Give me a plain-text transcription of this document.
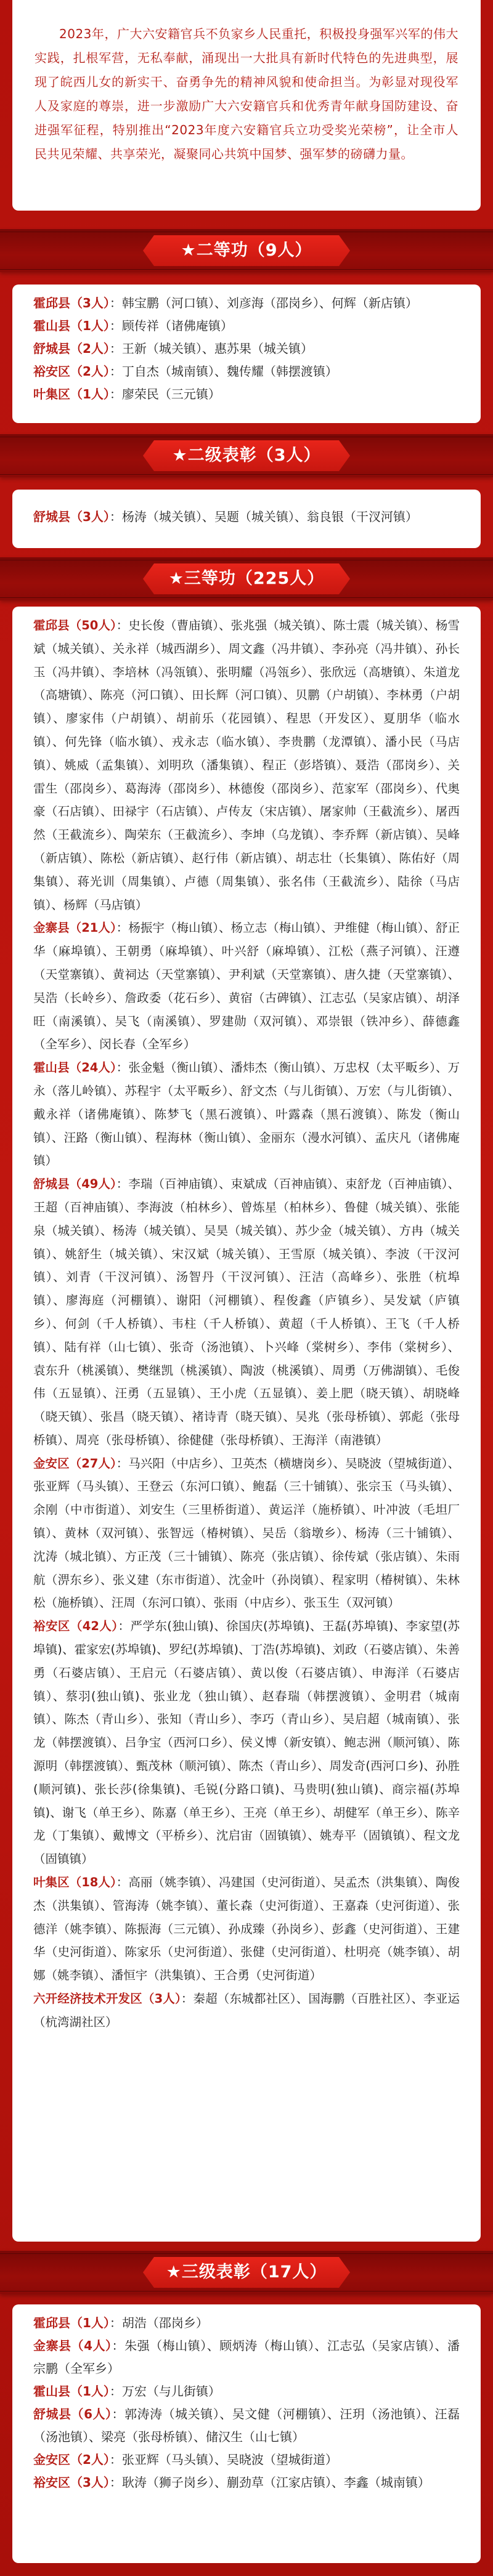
2023年，广大六安籍官兵不负家乡人民重托，积极投身强军兴军的伟大实践，扎根军营，无私奉献，涌现出一大批具有新时代特色的先进典型，展现了皖西儿女的新实干、奋勇争先的精神风貌和使命担当。为彰显对现役军人及家庭的尊崇，进一步激励广大六安籍官兵和优秀青年献身国防建设、奋进强军征程，特别推出“2023年度六安籍官兵立功受奖光荣榜”，让全市人民共见荣耀、共享荣光，凝聚同心共筑中国梦、强军梦的磅礴力量。

★二等功（9人）

霍邱县（3人）：韩宝鹏（河口镇）、刘彦海（邵岗乡）、何辉（新店镇）

霍山县（1人）：顾传祥（诸佛庵镇）

舒城县（2人）：王新（城关镇）、惠苏果（城关镇）

裕安区（2人）：丁自杰（城南镇）、魏传耀（韩摆渡镇）

叶集区（1人）：廖荣民（三元镇）

★二级表彰（3人）

舒城县（3人）：杨涛（城关镇）、吴题（城关镇）、翁良银（干汊河镇）

★三等功（225人）

霍邱县（50人）：史长俊（曹庙镇）、张兆强（城关镇）、陈士震（城关镇）、杨雪斌（城关镇）、关永祥（城西湖乡）、周文鑫（冯井镇）、李孙亮（冯井镇）、孙长玉（冯井镇）、李培林（冯瓴镇）、张明耀（冯瓴乡）、张欣远（高塘镇）、朱道龙（高塘镇）、陈亮（河口镇）、田长辉（河口镇）、贝鹏（户胡镇）、李林勇（户胡镇）、廖家伟（户胡镇）、胡前乐（花园镇）、程思（开发区）、夏朋华（临水镇）、何先锋（临水镇）、戎永志（临水镇）、李贵鹏（龙潭镇）、潘小民（马店镇）、姚威（孟集镇）、刘明玖（潘集镇）、程正（彭塔镇）、聂浩（邵岗乡）、关雷生（邵岗乡）、葛海涛（邵岗乡）、林德俊（邵岗乡）、范家军（邵岗乡）、代奥豪（石店镇）、田禄宇（石店镇）、卢传友（宋店镇）、屠家帅（王截流乡）、屠西然（王截流乡）、陶荣东（王截流乡）、李坤（乌龙镇）、李乔辉（新店镇）、吴峰（新店镇）、陈松（新店镇）、赵行伟（新店镇）、胡志壮（长集镇）、陈佑好（周集镇）、蒋光训（周集镇）、卢德（周集镇）、张名伟（王截流乡）、陆徐（马店镇）、杨辉（马店镇）

金寨县（21人）：杨振宇（梅山镇）、杨立志（梅山镇）、尹维健（梅山镇）、舒正华（麻埠镇）、王朝勇（麻埠镇）、叶兴舒（麻埠镇）、江松（燕子河镇）、汪遵（天堂寨镇）、黄祠达（天堂寨镇）、尹利斌（天堂寨镇）、唐久捷（天堂寨镇）、吴浩（长岭乡）、詹政委（花石乡）、黄宿（古碑镇）、江志弘（吴家店镇）、胡泽旺（南溪镇）、吴飞（南溪镇）、罗建勋（双河镇）、邓崇银（铁冲乡）、薛德鑫（全军乡）、闵长春（全军乡）

霍山县（24人）：张金魁（衡山镇）、潘炜杰（衡山镇）、万忠权（太平畈乡）、万永（落儿岭镇）、苏程宇（太平畈乡）、舒文杰（与儿街镇）、万宏（与儿街镇）、戴永祥（诸佛庵镇）、陈梦飞（黑石渡镇）、叶露森（黑石渡镇）、陈发（衡山镇）、汪路（衡山镇）、程海林（衡山镇）、金丽东（漫水河镇）、孟庆凡（诸佛庵镇）

舒城县（49人）：李瑞（百神庙镇）、束斌成（百神庙镇）、束舒龙（百神庙镇）、王超（百神庙镇）、李海波（柏林乡）、曾炼星（柏林乡）、鲁健（城关镇）、张能泉（城关镇）、杨涛（城关镇）、吴昊（城关镇）、苏少金（城关镇）、方冉（城关镇）、姚舒生（城关镇）、宋汉斌（城关镇）、王雪原（城关镇）、李波（干汊河镇）、刘青（干汊河镇）、汤智丹（干汊河镇）、汪洁（高峰乡）、张胜（杭埠镇）、廖海庭（河棚镇）、谢阳（河棚镇）、程俊鑫（庐镇乡）、吴发斌（庐镇乡）、何剑（千人桥镇）、韦柱（千人桥镇）、黄超（千人桥镇）、王飞（千人桥镇）、陆有祥（山七镇）、张奇（汤池镇）、卜兴峰（棠树乡）、李伟（棠树乡）、袁东升（桃溪镇）、樊继凯（桃溪镇）、陶波（桃溪镇）、周勇（万佛湖镇）、毛俊伟（五显镇）、汪勇（五显镇）、王小虎（五显镇）、姜上肥（晓天镇）、胡晓峰（晓天镇）、张昌（晓天镇）、褚诗青（晓天镇）、吴兆（张母桥镇）、郭彪（张母桥镇）、周亮（张母桥镇）、徐健健（张母桥镇）、王海洋（南港镇）

金安区（27人）：马兴阳（中店乡）、卫英杰（横塘岗乡）、吴晓波（望城街道）、张亚辉（马头镇）、王登云（东河口镇）、鲍磊（三十铺镇）、张宗玉（马头镇）、余刚（中市街道）、刘安生（三里桥街道）、黄运洋（施桥镇）、叶冲波（毛坦厂镇）、黄林（双河镇）、张智远（椿树镇）、吴岳（翁墩乡）、杨涛（三十铺镇）、沈涛（城北镇）、方正茂（三十铺镇）、陈亮（张店镇）、徐传斌（张店镇）、朱雨航（淠东乡）、张义建（东市街道）、沈金叶（孙岗镇）、程家明（椿树镇）、朱林松（施桥镇）、汪周（东河口镇）、张雨（中店乡）、张玉生（双河镇）

裕安区（42人）：严学东(独山镇)、徐国庆(苏埠镇)、王磊(苏埠镇)、李家望(苏埠镇)、霍家宏(苏埠镇)、罗纪(苏埠镇)、丁浩(苏埠镇)、刘政（石婆店镇）、朱善勇（石婆店镇）、王启元（石婆店镇）、黄以俊（石婆店镇）、申海洋（石婆店镇）、蔡羽(独山镇)、张业龙（独山镇）、赵春瑞（韩摆渡镇）、金明君（城南镇）、陈杰（青山乡）、张知（青山乡）、李巧（青山乡）、吴启超（城南镇）、张龙（韩摆渡镇）、吕争宝（西河口乡）、侯义博（新安镇）、鲍志洲（顺河镇）、陈源明（韩摆渡镇）、甄茂林（顺河镇）、陈杰（青山乡）、周发奇(西河口乡)、孙胜(顺河镇)、张长莎(徐集镇)、毛锐(分路口镇)、马贵明(独山镇)、商宗福(苏埠镇)、谢飞（单王乡）、陈嘉（单王乡）、王亮（单王乡）、胡健军（单王乡）、陈辛龙（丁集镇）、戴博文（平桥乡）、沈启宙（固镇镇）、姚寿平（固镇镇）、程文龙（固镇镇）

叶集区（18人）：高丽（姚李镇）、冯建国（史河街道）、吴孟杰（洪集镇）、陶俊杰（洪集镇）、管海涛（姚李镇）、董长森（史河街道）、王嘉森（史河街道）、张德洋（姚李镇）、陈振海（三元镇）、孙成臻（孙岗乡）、彭鑫（史河街道）、王建华（史河街道）、陈家乐（史河街道）、张健（史河街道）、杜明亮（姚李镇）、胡娜（姚李镇）、潘恒宇（洪集镇）、王合勇（史河街道）

六开经济技术开发区（3人）：秦超（东城都社区）、国海鹏（百胜社区）、李亚运（杭湾湖社区）

★三级表彰（17人）

霍邱县（1人）：胡浩（邵岗乡）

金寨县（4人）：朱强（梅山镇）、顾炳涛（梅山镇）、江志弘（吴家店镇）、潘宗鹏（全军乡）

霍山县（1人）：万宏（与儿街镇）

舒城县（6人）：郭涛涛（城关镇）、吴文健（河棚镇）、汪玥（汤池镇）、汪磊（汤池镇）、梁亮（张母桥镇）、储汉生（山七镇）

金安区（2人）：张亚辉（马头镇）、吴晓波（望城街道）

裕安区（3人）：耿涛（狮子岗乡）、蒯劲草（江家店镇）、李鑫（城南镇）
